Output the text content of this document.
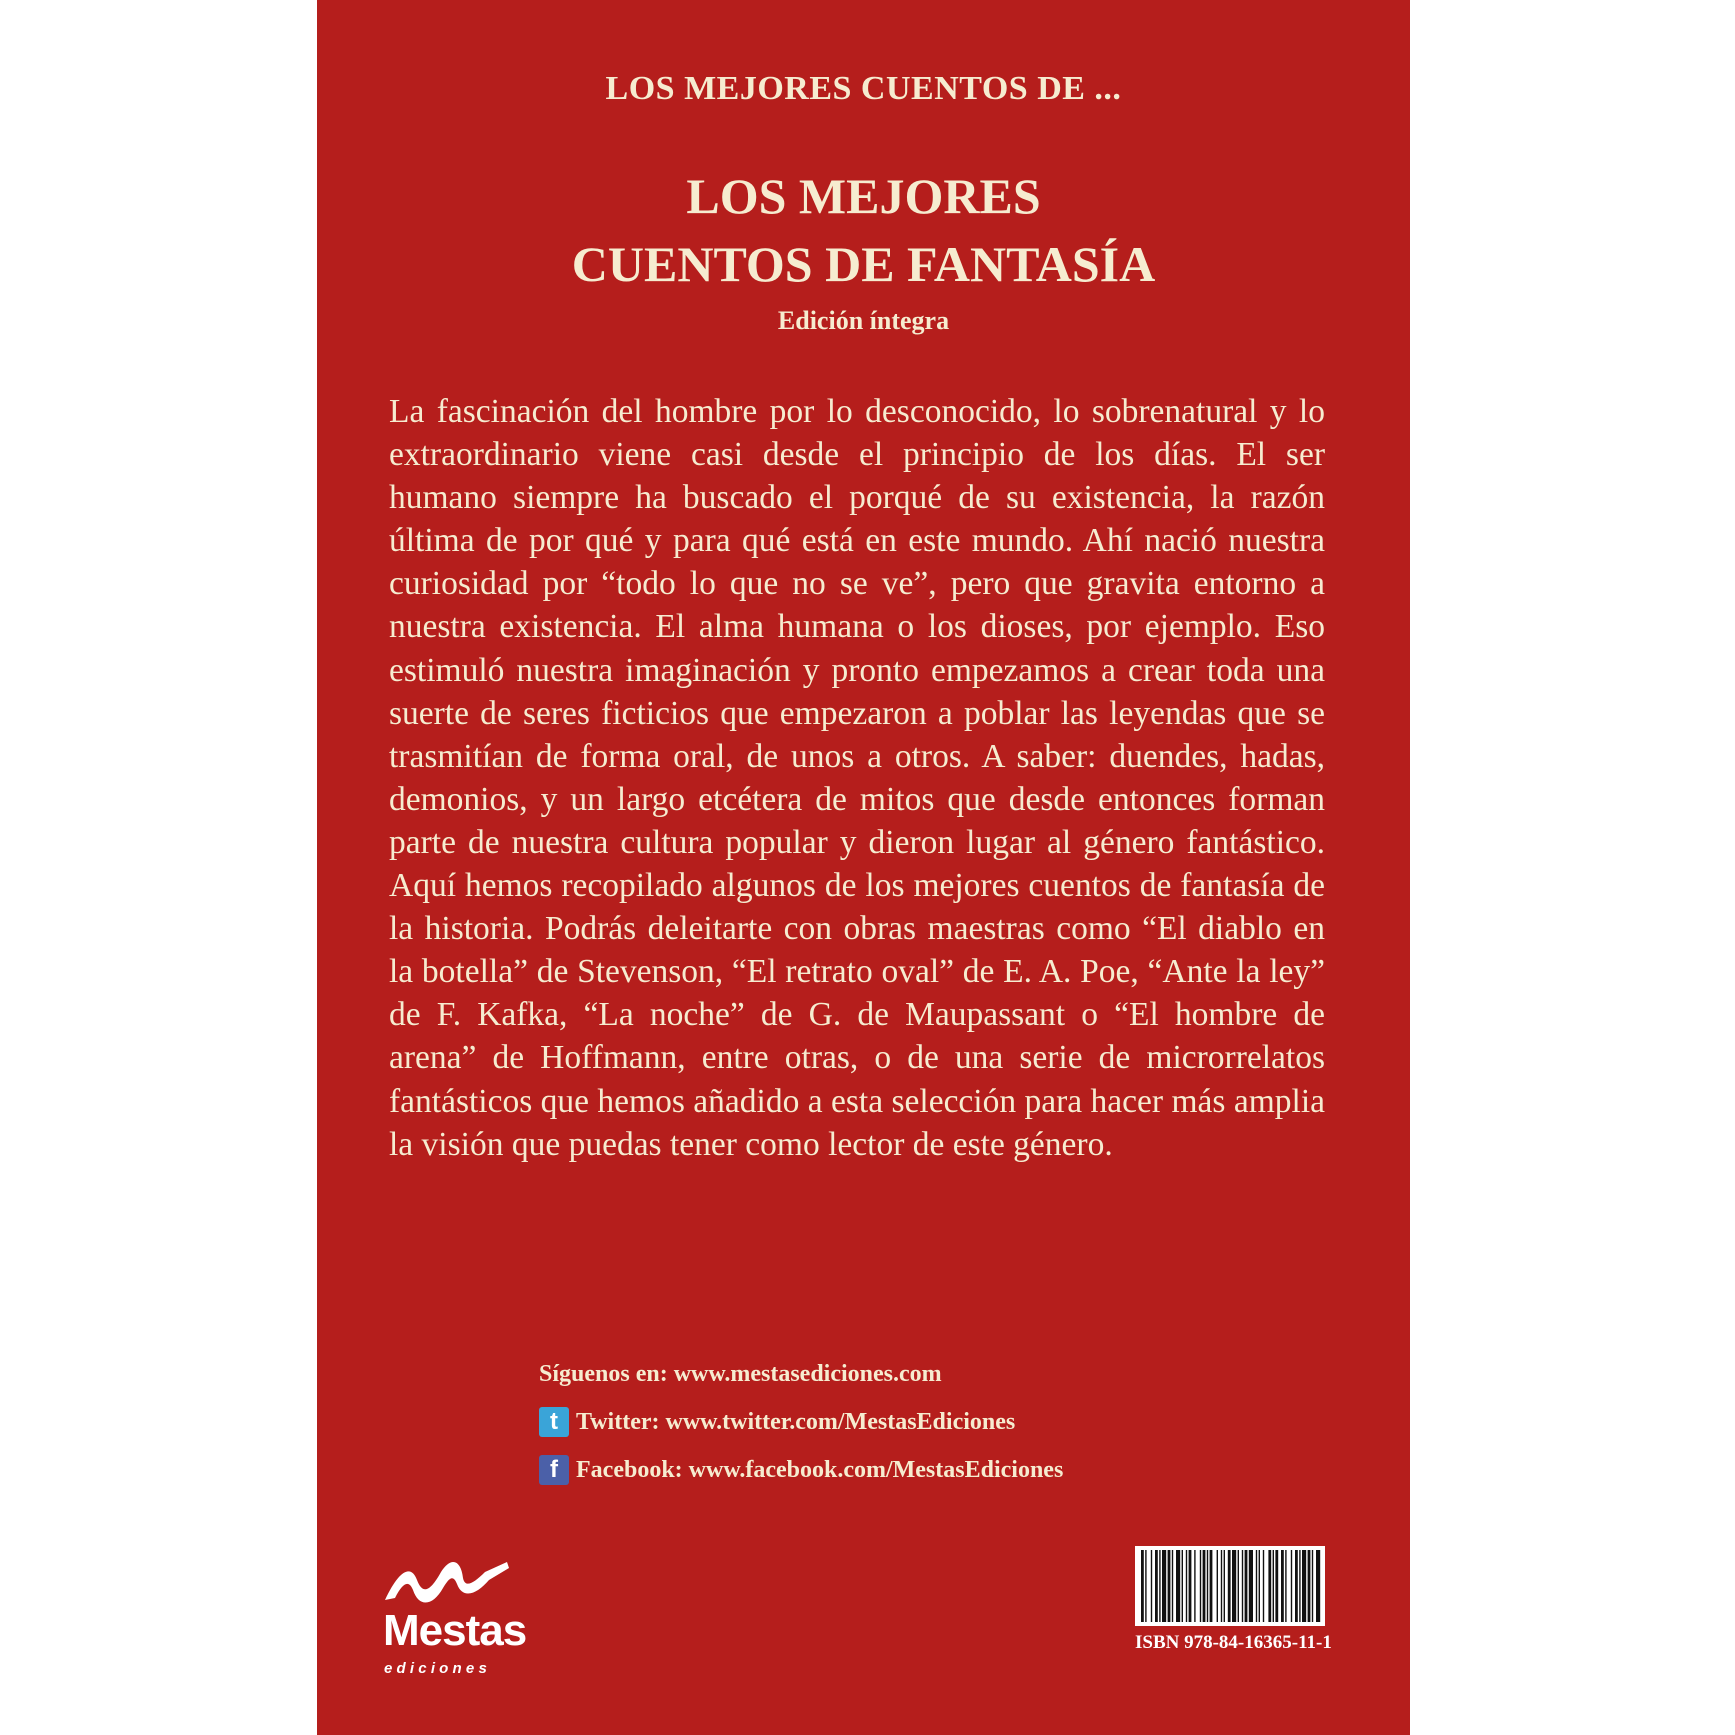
LOS MEJORES CUENTOS DE ...
LOS MEJORES
CUENTOS DE FANTASÍA
Edición íntegra

La fascinación del hombre por lo desconocido, lo sobrenatural y lo extraordinario viene casi desde el principio de los días. El ser humano siempre ha buscado el porqué de su existencia, la razón última de por qué y para qué está en este mundo. Ahí nació nuestra curiosidad por “todo lo que no se ve”, pero que gravita entorno a nuestra existencia. El alma humana o los dioses, por ejemplo. Eso estimuló nuestra imaginación y pronto empezamos a crear toda una suerte de seres ficticios que empezaron a poblar las leyendas que se trasmitían de forma oral, de unos a otros. A saber: duendes, hadas, demonios, y un largo etcétera de mitos que desde entonces forman parte de nuestra cultura popular y dieron lugar al género fantástico. Aquí hemos recopilado algunos de los mejores cuentos de fantasía de la historia. Podrás deleitarte con obras maestras como “El diablo en la botella” de Stevenson, “El retrato oval” de E. A. Poe, “Ante la ley” de F. Kafka, “La noche” de G. de Maupassant o “El hombre de arena” de Hoffmann, entre otras, o de una serie de microrrelatos fantásticos que hemos añadido a esta selección para hacer más amplia la visión que puedas tener como lector de este género.

Síguenos en: www.mestasediciones.com
t Twitter: www.twitter.com/MestasEdiciones
f Facebook: www.facebook.com/MestasEdiciones
Mestas
ediciones
ISBN 978-84-16365-11-1
